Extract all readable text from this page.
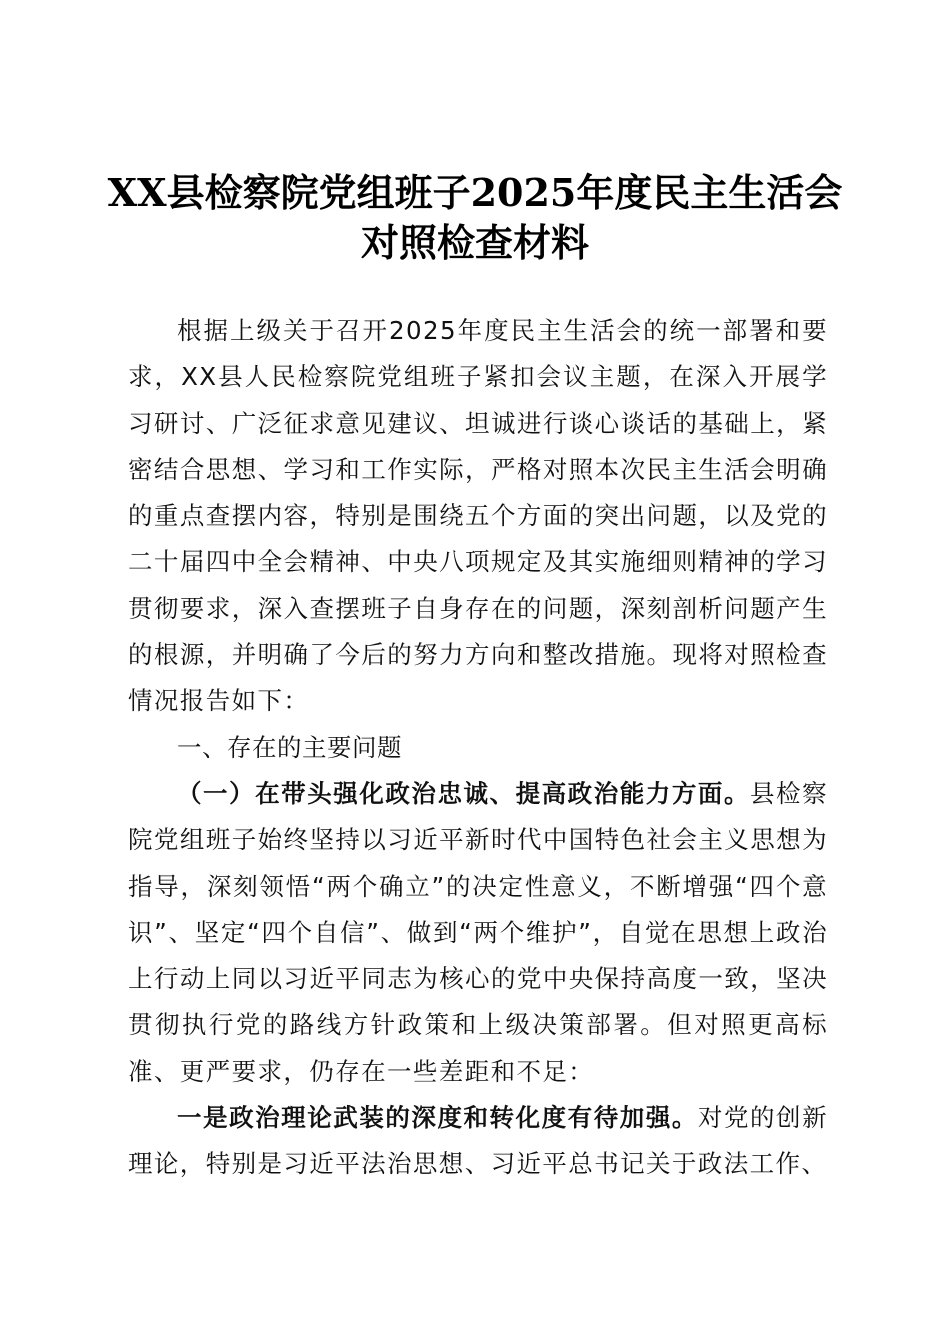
XX县检察院党组班子2025年度民主生活会对照检查材料

根据上级关于召开2025年度民主生活会的统一部署和要求，XX县人民检察院党组班子紧扣会议主题，在深入开展学习研讨、广泛征求意见建议、坦诚进行谈心谈话的基础上，紧密结合思想、学习和工作实际，严格对照本次民主生活会明确的重点查摆内容，特别是围绕五个方面的突出问题，以及党的二十届四中全会精神、中央八项规定及其实施细则精神的学习贯彻要求，深入查摆班子自身存在的问题，深刻剖析问题产生的根源，并明确了今后的努力方向和整改措施。现将对照检查情况报告如下：

一、存在的主要问题

（一）在带头强化政治忠诚、提高政治能力方面。县检察院党组班子始终坚持以习近平新时代中国特色社会主义思想为指导，深刻领悟“两个确立”的决定性意义，不断增强“四个意识”、坚定“四个自信”、做到“两个维护”，自觉在思想上政治上行动上同以习近平同志为核心的党中央保持高度一致，坚决贯彻执行党的路线方针政策和上级决策部署。但对照更高标准、更严要求，仍存在一些差距和不足：

一是政治理论武装的深度和转化度有待加强。对党的创新理论，特别是习近平法治思想、习近平总书记关于政法工作、
